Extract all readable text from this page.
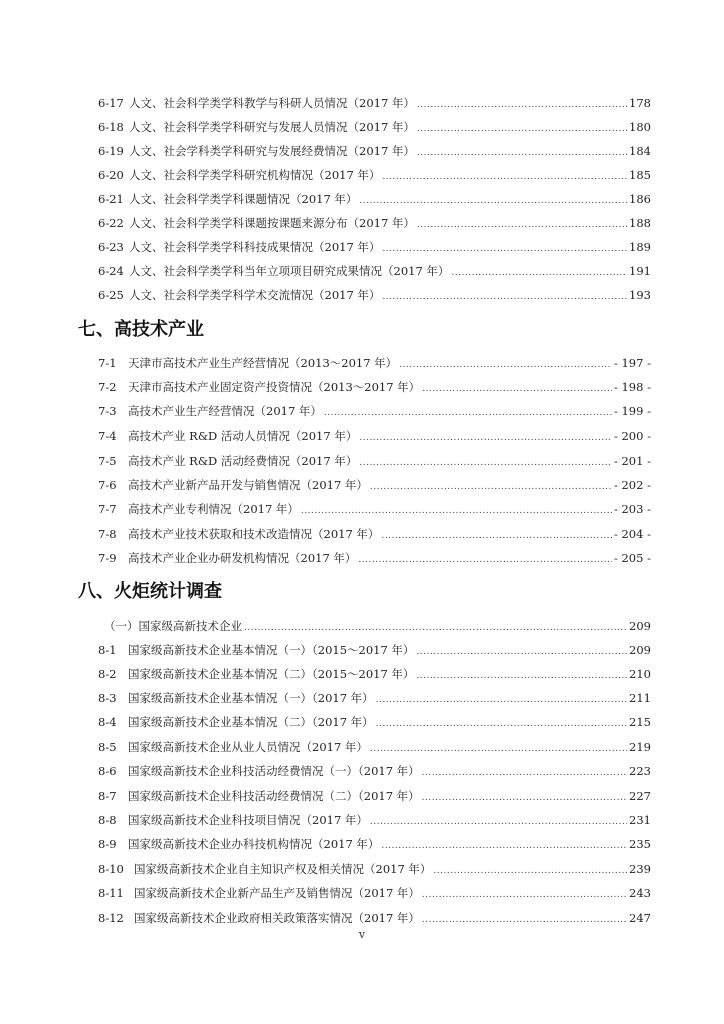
6-17 人文、社会科学类学科教学与科研人员情况（2017 年） .....	178
6-18 人文、社会科学类学科研究与发展人员情况（2017 年） .....	180
6-19 人文、社会学科类学科研究与发展经费情况（2017 年） .....	184
6-20 人文、社会科学类学科研究机构情况（2017 年） .....	185
6-21 人文、社会科学类学科课题情况（2017 年） .....	186
6-22 人文、社会科学类学科课题按课题来源分布（2017 年） .....	188
6-23 人文、社会科学类学科科技成果情况（2017 年） .....	189
6-24 人文、社会科学类学科当年立项项目研究成果情况（2017 年） .....	191
6-25 人文、社会科学类学科学术交流情况（2017 年） .....	193
七、高技术产业
7-1 天津市高技术产业生产经营情况（2013～2017 年） .....	- 197 -
7-2 天津市高技术产业固定资产投资情况（2013～2017 年） .....	- 198 -
7-3 高技术产业生产经营情况（2017 年） .....	- 199 -
7-4 高技术产业 R&D 活动人员情况（2017 年） .....	- 200 -
7-5 高技术产业 R&D 活动经费情况（2017 年） .....	- 201 -
7-6 高技术产业新产品开发与销售情况（2017 年） .....	- 202 -
7-7 高技术产业专利情况（2017 年） .....	- 203 -
7-8 高技术产业技术获取和技术改造情况（2017 年） .....	- 204 -
7-9 高技术产业企业办研发机构情况（2017 年） .....	- 205 -
八、火炬统计调查
（一）国家级高新技术企业 .....	209
8-1 国家级高新技术企业基本情况（一）（2015～2017 年） .....	209
8-2 国家级高新技术企业基本情况（二）（2015～2017 年） .....	210
8-3 国家级高新技术企业基本情况（一）（2017 年） .....	211
8-4 国家级高新技术企业基本情况（二）（2017 年） .....	215
8-5 国家级高新技术企业从业人员情况（2017 年） .....	219
8-6 国家级高新技术企业科技活动经费情况（一）（2017 年） .....	223
8-7 国家级高新技术企业科技活动经费情况（二）（2017 年） .....	227
8-8 国家级高新技术企业科技项目情况（2017 年） .....	231
8-9 国家级高新技术企业办科技机构情况（2017 年） .....	235
8-10 国家级高新技术企业自主知识产权及相关情况（2017 年） .....	239
8-11 国家级高新技术企业新产品生产及销售情况（2017 年） .....	243
8-12 国家级高新技术企业政府相关政策落实情况（2017 年） .....	247
v
